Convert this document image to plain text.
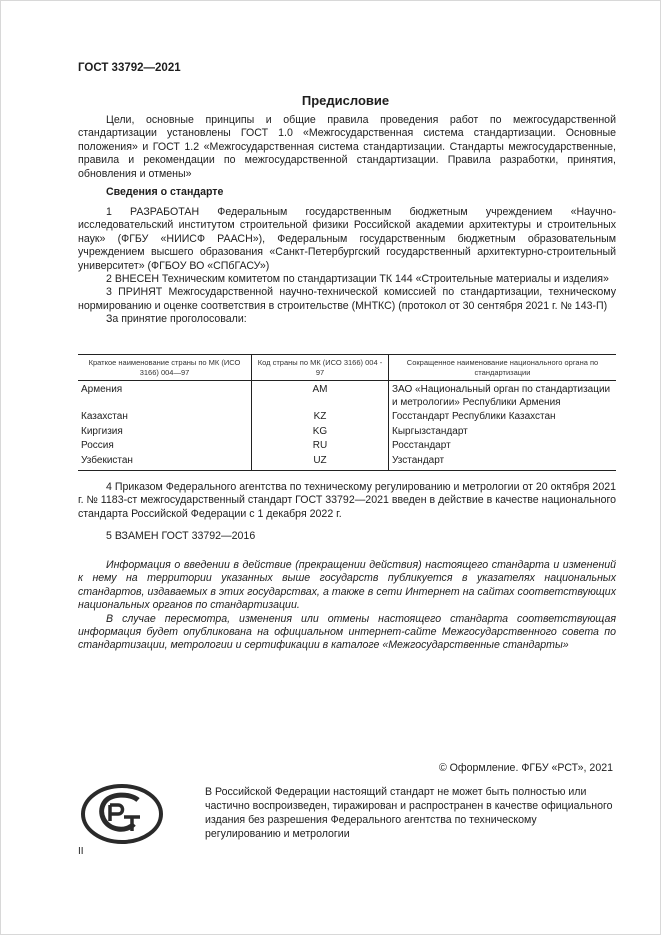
ГОСТ 33792—2021
Предисловие

Цели, основные принципы и общие правила проведения работ по межгосударственной стандартизации установлены ГОСТ 1.0 «Межгосударственная система стандартизации. Основные положения» и ГОСТ 1.2 «Межгосударственная система стандартизации. Стандарты межгосударственные, правила и рекомендации по межгосударственной стандартизации. Правила разработки, принятия, обновления и отмены»

Сведения о стандарте

1 РАЗРАБОТАН Федеральным государственным бюджетным учреждением «Научно-исследовательский институтом строительной физики Российской академии архитектуры и строительных наук» (ФГБУ «НИИСФ РААСН»), Федеральным государственным бюджетным образовательным учреждением высшего образования «Санкт-Петербургский государственный архитектурно-строительный университет» (ФГБОУ ВО «СПбГАСУ»)

2 ВНЕСЕН Техническим комитетом по стандартизации ТК 144 «Строительные материалы и изделия»

3 ПРИНЯТ Межгосударственной научно-технической комиссией по стандартизации, техническому нормированию и оценке соответствия в строительстве (МНТКС) (протокол от 30 сентября 2021 г. № 143-П)

За принятие проголосовали:

Краткое наименование страны по МК (ИСО 3166) 004—97	Код страны по МК (ИСО 3166) 004 - 97	Сокращенное наименование национального органа по стандартизации
Армения	AM	ЗАО «Национальный орган по стандартизации и метрологии» Республики Армения
Казахстан	KZ	Госстандарт Республики Казахстан
Киргизия	KG	Кыргызстандарт
Россия	RU	Росстандарт
Узбекистан	UZ	Узстандарт

4 Приказом Федерального агентства по техническому регулированию и метрологии от 20 октября 2021 г. № 1183-ст межгосударственный стандарт ГОСТ 33792—2021 введен в действие в качестве национального стандарта Российской Федерации с 1 декабря 2022 г.

5 ВЗАМЕН ГОСТ 33792—2016

Информация о введении в действие (прекращении действия) настоящего стандарта и изменений к нему на территории указанных выше государств публикуется в указателях национальных стандартов, издаваемых в этих государствах, а также в сети Интернет на сайтах соответствующих национальных органов по стандартизации.

В случае пересмотра, изменения или отмены настоящего стандарта соответствующая информация будет опубликована на официальном интернет-сайте Межгосударственного совета по стандартизации, метрологии и сертификации в каталоге «Межгосударственные стандарты»

© Оформление. ФГБУ «РСТ», 2021

В Российской Федерации настоящий стандарт не может быть полностью или частично воспроизведен, тиражирован и распространен в качестве официального издания без разрешения Федерального агентства по техническому регулированию и метрологии

II
